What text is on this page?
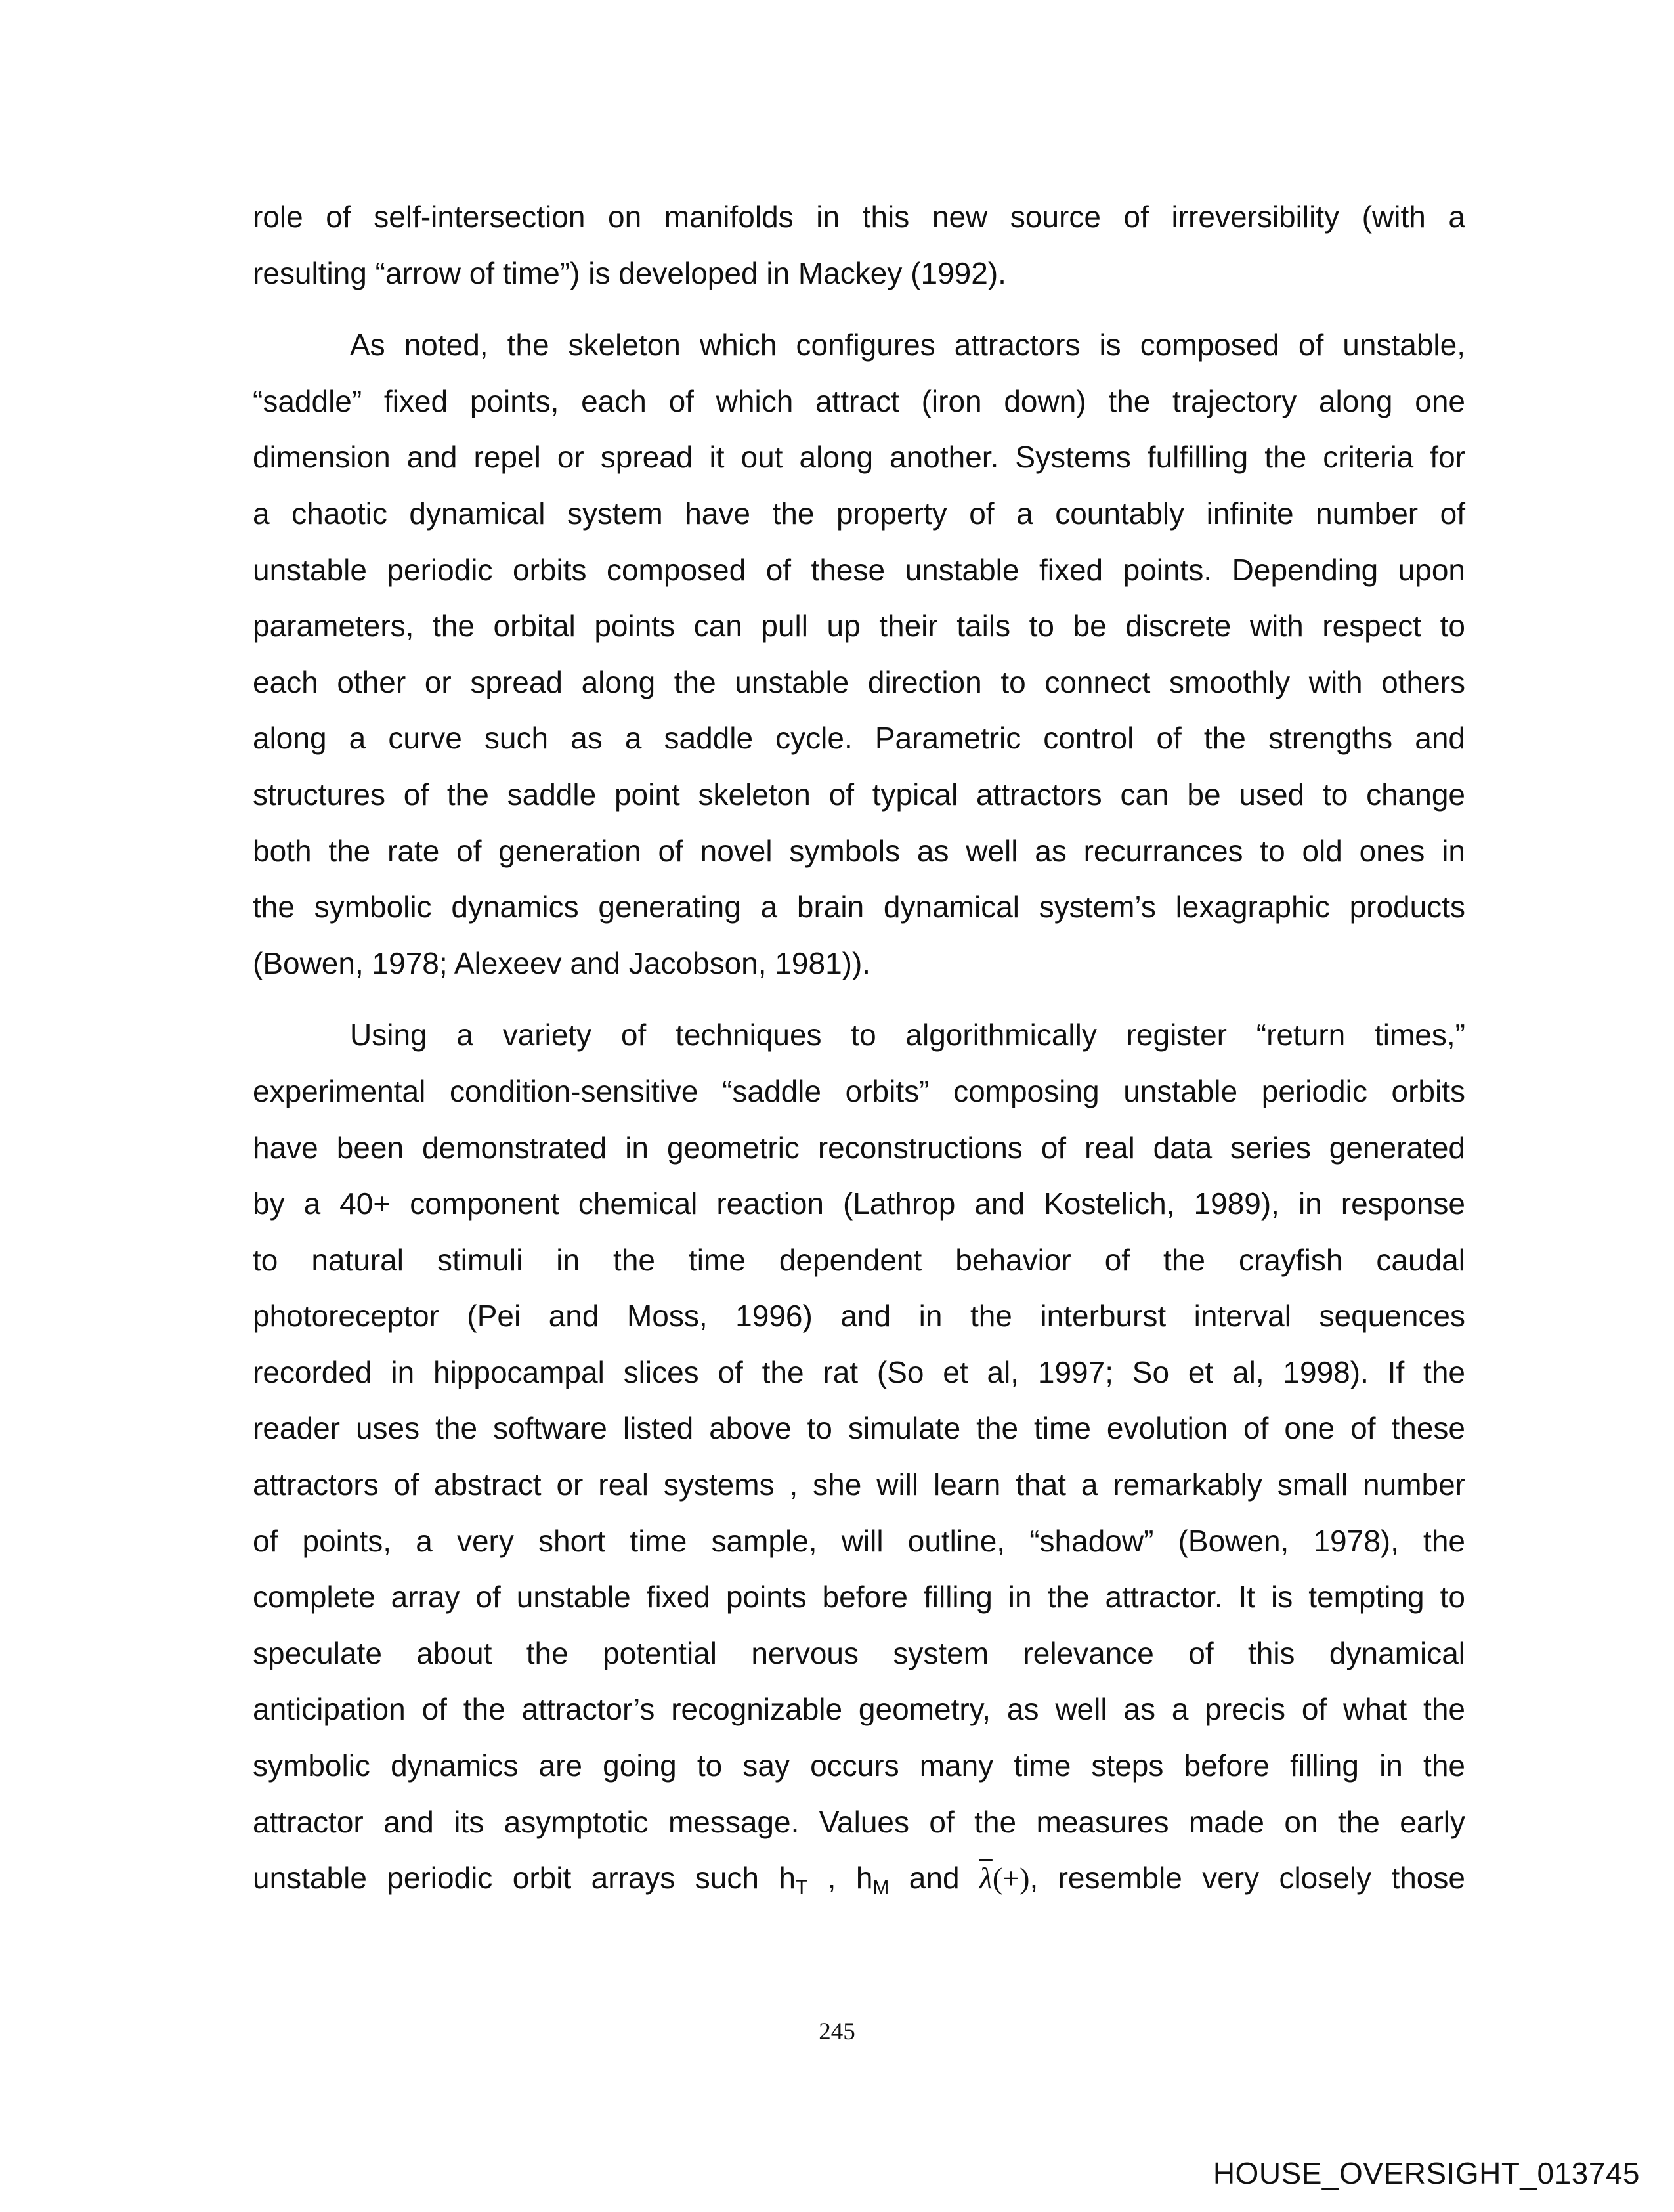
role of self-intersection on manifolds in this new source of irreversibility (with a
resulting “arrow of time”) is developed in Mackey (1992).

As noted, the skeleton which configures attractors is composed of unstable,
“saddle” fixed points, each of which attract (iron down) the trajectory along one
dimension and repel or spread it out along another. Systems fulfilling the criteria for
a chaotic dynamical system have the property of a countably infinite number of
unstable periodic orbits composed of these unstable fixed points. Depending upon
parameters, the orbital points can pull up their tails to be discrete with respect to
each other or spread along the unstable direction to connect smoothly with others
along a curve such as a saddle cycle. Parametric control of the strengths and
structures of the saddle point skeleton of typical attractors can be used to change
both the rate of generation of novel symbols as well as recurrances to old ones in
the symbolic dynamics generating a brain dynamical system’s lexagraphic products
(Bowen, 1978; Alexeev and Jacobson, 1981)).

Using a variety of techniques to algorithmically register “return times,”
experimental condition-sensitive “saddle orbits” composing unstable periodic orbits
have been demonstrated in geometric reconstructions of real data series generated
by a 40+ component chemical reaction (Lathrop and Kostelich, 1989), in response
to natural stimuli in the time dependent behavior of the crayfish caudal
photoreceptor (Pei and Moss, 1996) and in the interburst interval sequences
recorded in hippocampal slices of the rat (So et al, 1997; So et al, 1998). If the
reader uses the software listed above to simulate the time evolution of one of these
attractors of abstract or real systems , she will learn that a remarkably small number
of points, a very short time sample, will outline, “shadow” (Bowen, 1978), the
complete array of unstable fixed points before filling in the attractor. It is tempting to
speculate about the potential nervous system relevance of this dynamical
anticipation of the attractor’s recognizable geometry, as well as a precis of what the
symbolic dynamics are going to say occurs many time steps before filling in the
attractor and its asymptotic message. Values of the measures made on the early
unstable periodic orbit arrays such $h_T$ , $h_M$ and $\overline{\lambda}(+)$, resemble very closely those

245
HOUSE_OVERSIGHT_013745
